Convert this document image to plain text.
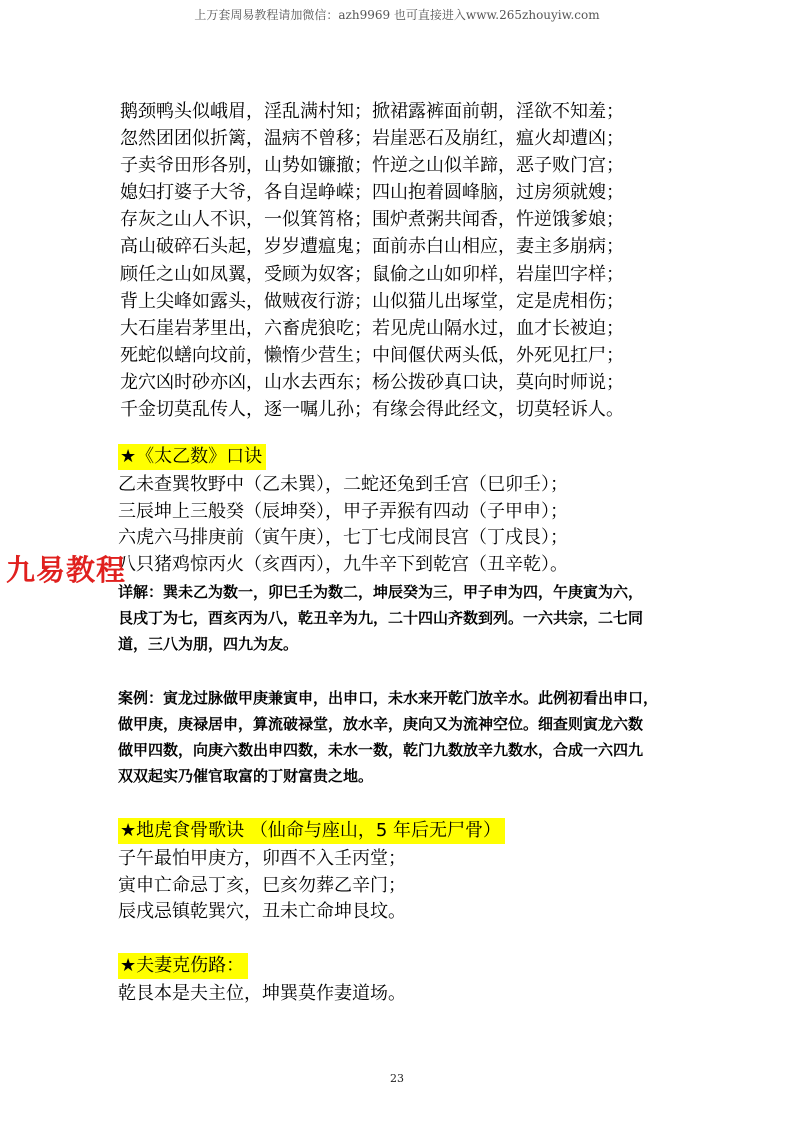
上万套周易教程请加微信：azh9969 也可直接进入www.265zhouyiw.com
鹅颈鸭头似峨眉，淫乱满村知；掀裙露裤面前朝，淫欲不知羞；
忽然团团似折篱，温病不曾移；岩崖恶石及崩红，瘟火却遭凶；
子卖爷田形各别，山势如镰撤；忤逆之山似羊蹄，恶子败门宫；
媳妇打婆子大爷，各自逞峥嵘；四山抱着圆峰脑，过房须就嫂；
存灰之山人不识，一似箕筲格；围炉煮粥共闻香，忤逆饿爹娘；
高山破碎石头起，岁岁遭瘟鬼；面前赤白山相应，妻主多崩病；
顾任之山如凤翼，受顾为奴客；鼠偷之山如卯样，岩崖凹字样；
背上尖峰如露头，做贼夜行游；山似猫儿出塚堂，定是虎相伤；
大石崖岩茅里出，六畜虎狼吃；若见虎山隔水过，血才长被迫；
死蛇似蟮向坟前，懒惰少营生；中间偃伏两头低，外死见扛尸；
龙穴凶时砂亦凶，山水去西东；杨公拨砂真口诀，莫向时师说；
千金切莫乱传人，逐一嘱儿孙；有缘会得此经文，切莫轻诉人。
★《太乙数》口诀
乙未查巽牧野中（乙未巽），二蛇还兔到壬宫（巳卯壬）；
三辰坤上三般癸（辰坤癸），甲子弄猴有四动（子甲申）；
六虎六马排庚前（寅午庚），七丁七戌闹艮宫（丁戌艮）；
八只猪鸡惊丙火（亥酉丙），九牛辛下到乾宫（丑辛乾）。
详解：巽未乙为数一，卯巳壬为数二，坤辰癸为三，甲子申为四，午庚寅为六，
艮戌丁为七，酉亥丙为八，乾丑辛为九，二十四山齐数到列。一六共宗，二七同
道，三八为朋，四九为友。
案例：寅龙过脉做甲庚兼寅申，出申口，未水来开乾门放辛水。此例初看出申口，
做甲庚，庚禄居申，算流破禄堂，放水辛，庚向又为流神空位。细查则寅龙六数
做甲四数，向庚六数出申四数，未水一数，乾门九数放辛九数水，合成一六四九
双双起实乃催官取富的丁财富贵之地。
★地虎食骨歌诀 （仙命与座山，5 年后无尸骨）
子午最怕甲庚方，卯酉不入壬丙堂；
寅申亡命忌丁亥，巳亥勿葬乙辛门；
辰戌忌镇乾巽穴，丑未亡命坤艮坟。
★夫妻克伤路：
乾艮本是夫主位，坤巽莫作妻道场。
九易教程
23
